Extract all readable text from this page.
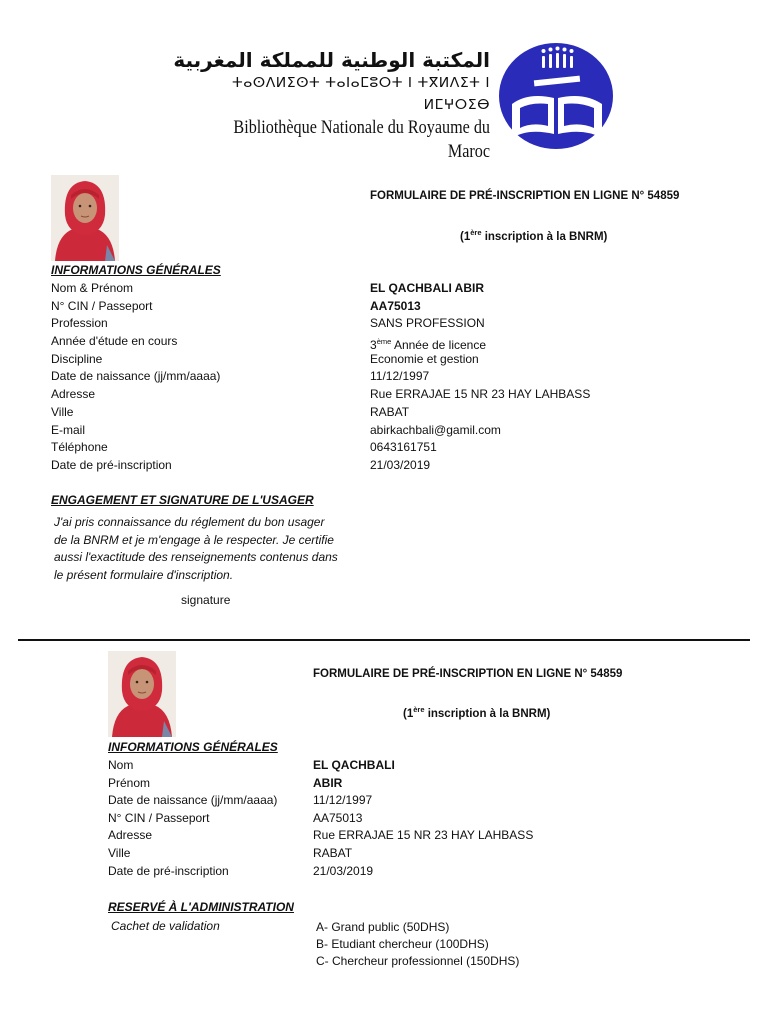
المكتبة الوطنية للمملكة المغربية
ⵜⴰⵙⴷⵍⵉⵙⵜ ⵜⴰⵏⴰⵎⵓⵔⵜ ⵏ ⵜⴳⵍⴷⵉⵜ ⵏ ⵍⵎⵖⵔⵉⴱ
Bibliothèque Nationale du Royaume du Maroc
FORMULAIRE DE PRÉ-INSCRIPTION EN LIGNE N° 54859
(1ère inscription à la BNRM)
INFORMATIONS GÉNÉRALES
Nom & Prénom	EL QACHBALI ABIR
N° CIN / Passeport	AA75013
Profession	SANS PROFESSION
Année d'étude en cours	3ème Année de licence
Discipline	Economie et gestion
Date de naissance (jj/mm/aaaa)	11/12/1997
Adresse	Rue ERRAJAE 15 NR 23 HAY LAHBASS
Ville	RABAT
E-mail	abirkachbali@gamil.com
Téléphone	0643161751
Date de pré-inscription	21/03/2019
ENGAGEMENT ET SIGNATURE DE L'USAGER
J'ai pris connaissance du réglement du bon usager
de la BNRM et je m'engage à le respecter. Je certifie
aussi l'exactitude des renseignements contenus dans
le présent formulaire d'inscription.
signature
FORMULAIRE DE PRÉ-INSCRIPTION EN LIGNE N° 54859
(1ère inscription à la BNRM)
INFORMATIONS GÉNÉRALES
Nom	EL QACHBALI
Prénom	ABIR
Date de naissance (jj/mm/aaaa)	11/12/1997
N° CIN / Passeport	AA75013
Adresse	Rue ERRAJAE 15 NR 23 HAY LAHBASS
Ville	RABAT
Date de pré-inscription	21/03/2019
RESERVÉ À L'ADMINISTRATION
Cachet de validation	A- Grand public (50DHS)
B- Etudiant chercheur (100DHS)
C- Chercheur professionnel (150DHS)
